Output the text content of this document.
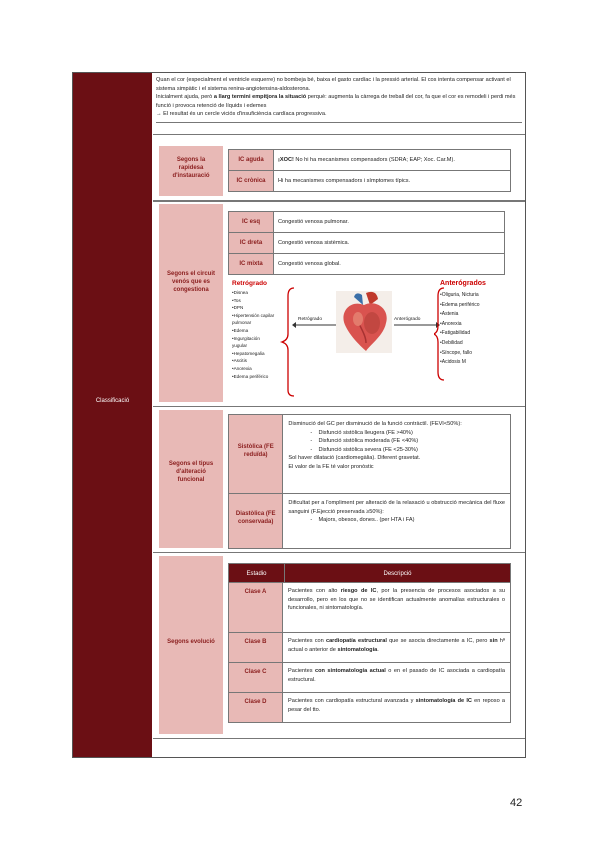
Classificació
Quan el cor (especialment el ventricle esquerre) no bombeja bé, baixa el gasto cardíac i la pressió arterial. El cos intenta compensar activant el sistema simpàtic i el sistema renina-angiotensina-aldosterona.
Inicialment ajuda, però a llarg termini empitjora la situació perquè: augmenta la càrrega de treball del cor, fa que el cor es remodeli i perdi més funció i provoca retenció de líquids i edemes
→ El resultat és un cercle viciós d'insuficiència cardíaca progressiva.
Segons la rapidesa d'instauració
IC aguda	¡XOC! No hi ha mecanismes compensadors (SDRA; EAP; Xoc. Car.M).
IC crònica	Hi ha mecanismes compensadors i símptomes típics.
Segons el circuit venós que es congestiona
IC esq	Congestió venosa pulmonar.
IC dreta	Congestió venosa sistèmica.
IC mixta	Congestió venosa global.
Retrógrado
•Disnea
•Tos
•DPN
•Hipertensión capilar
pulmonar
•Edema
•Ingurgitación
yugular
•Hepatomegalia
•Ascitis
•Anorexia
•Edema periférico
Retrógrado	Anterógrado
Anterógrados
•Oliguria, Nicturia
•Edema periférico
•Astenia
•Anorexia
•Fatigabilidad
•Debilidad
•Síncope, fallo
•Acidosis M
Segons el tipus d'alteració funcional
Sistòlica (FE reduïda)
Disminució del GC per disminució de la funció contràctil. (FEVI<50%):
-    Disfunció sistòlica lleugera (FE >40%)
-    Disfunció sistòlica moderada (FE <40%)
-    Disfunció sistòlica severa (FE <25-30%)
Sol haver dilatació (cardiomegàlia). Diferent gravetat.
El valor de la FE té valor pronòstic
Diastòlica (FE conservada)
Dificultat per a l'ompliment per alteració de la relaxació u obstrucció mecànica del fluxe sanguini (F.Ejecció preservada ≥50%):
-    Majors, obesos, dones.. (per HTA i FA)
Segons evolució
Estadio	Descripció
Clase A	Pacientes con alto riesgo de IC, por la presencia de procesos asociados a su desarrollo, pero en los que no se identifican actualmente anomalías estructurales o funcionales, ni sintomatología.
Clase B	Pacientes con cardiopatía estructural que se asocia directamente a IC, pero sin hª actual o anterior de sintomatología.
Clase C	Pacientes con sintomatología actual o en el pasado de IC asociada a cardiopatía estructural.
Clase D	Pacientes con cardiopatía estructural avanzada y sintomatología de IC en reposo a pesar del tto.
42
